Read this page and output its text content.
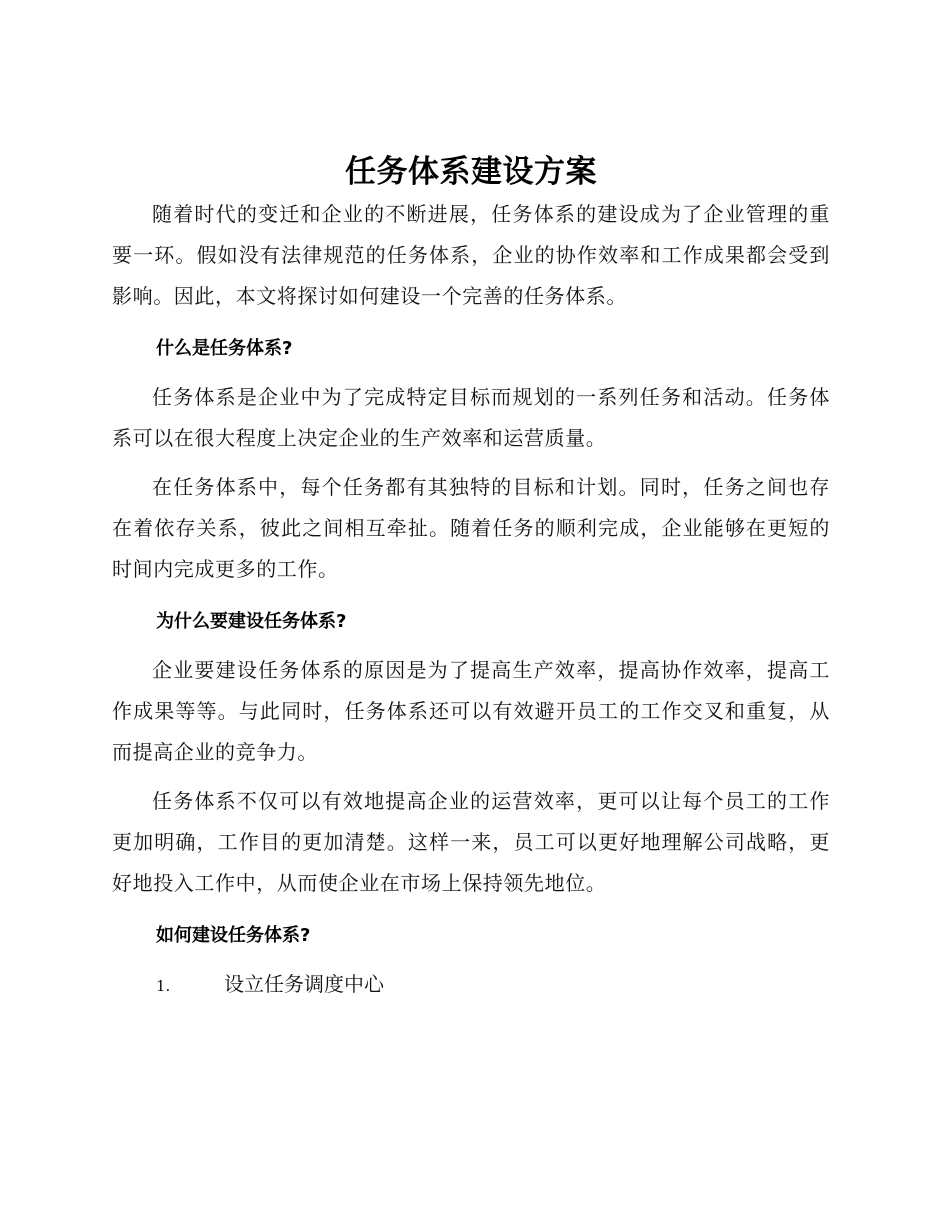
任务体系建设方案

随着时代的变迁和企业的不断进展，任务体系的建设成为了企业管理的重要一环。假如没有法律规范的任务体系，企业的协作效率和工作成果都会受到影响。因此，本文将探讨如何建设一个完善的任务体系。

什么是任务体系?

任务体系是企业中为了完成特定目标而规划的一系列任务和活动。任务体系可以在很大程度上决定企业的生产效率和运营质量。

在任务体系中，每个任务都有其独特的目标和计划。同时，任务之间也存在着依存关系，彼此之间相互牵扯。随着任务的顺利完成，企业能够在更短的时间内完成更多的工作。

为什么要建设任务体系?

企业要建设任务体系的原因是为了提高生产效率，提高协作效率，提高工作成果等等。与此同时，任务体系还可以有效避开员工的工作交叉和重复，从而提高企业的竞争力。

任务体系不仅可以有效地提高企业的运营效率，更可以让每个员工的工作更加明确，工作目的更加清楚。这样一来，员工可以更好地理解公司战略，更好地投入工作中，从而使企业在市场上保持领先地位。

如何建设任务体系?
1.	设立任务调度中心
